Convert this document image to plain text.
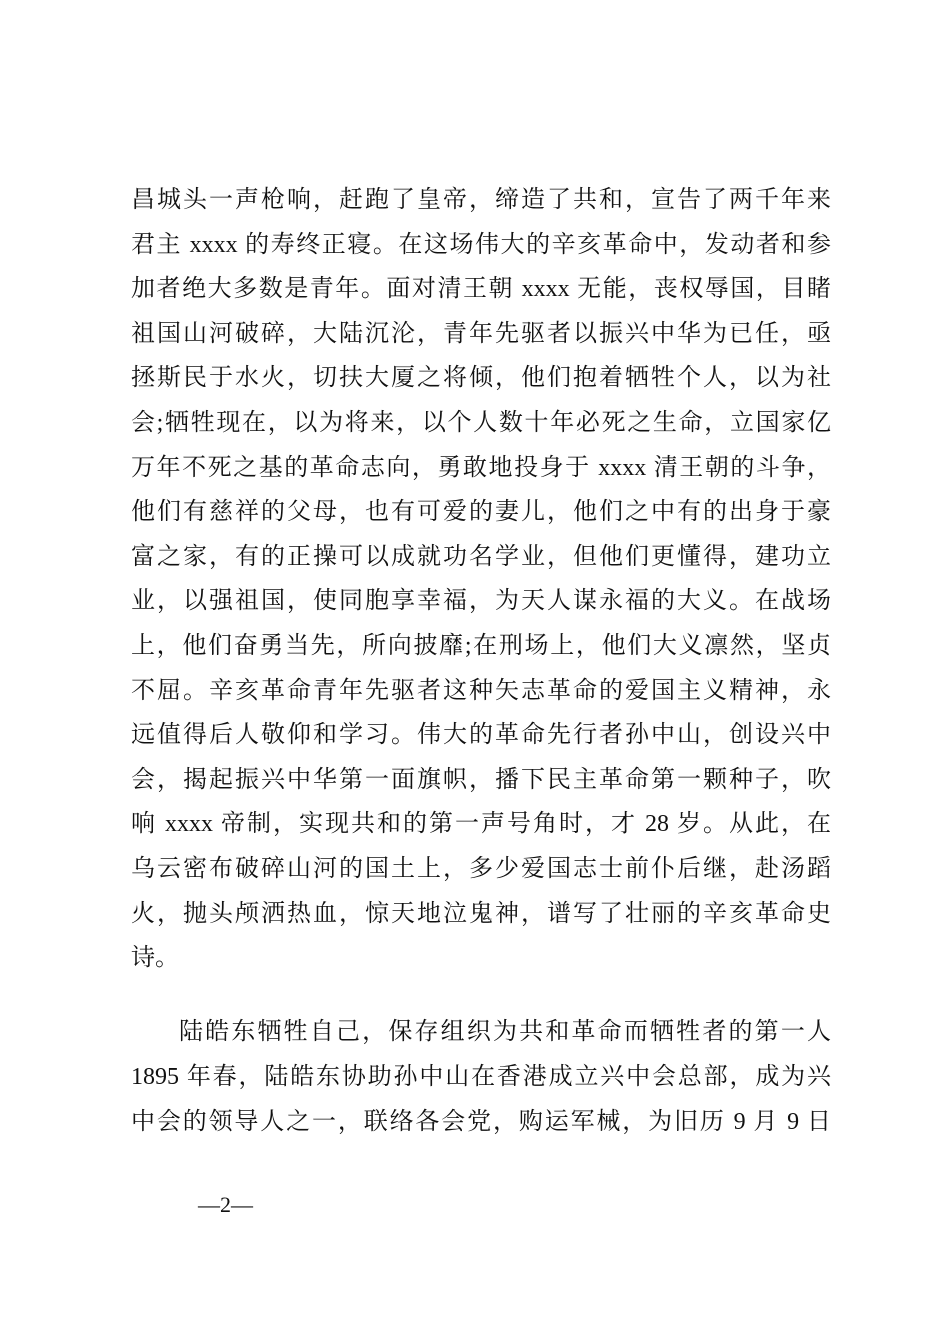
昌城头一声枪响，赶跑了皇帝，缔造了共和，宣告了两千年来
君主 xxxx 的寿终正寝。在这场伟大的辛亥革命中，发动者和参
加者绝大多数是青年。面对清王朝 xxxx 无能，丧权辱国，目睹
祖国山河破碎，大陆沉沦，青年先驱者以振兴中华为已任，亟
拯斯民于水火，切扶大厦之将倾，他们抱着牺牲个人，以为社
会;牺牲现在，以为将来，以个人数十年必死之生命，立国家亿
万年不死之基的革命志向，勇敢地投身于 xxxx 清王朝的斗争，
他们有慈祥的父母，也有可爱的妻儿，他们之中有的出身于豪
富之家，有的正操可以成就功名学业，但他们更懂得，建功立
业，以强祖国，使同胞享幸福，为天人谋永福的大义。在战场
上，他们奋勇当先，所向披靡;在刑场上，他们大义凛然，坚贞
不屈。辛亥革命青年先驱者这种矢志革命的爱国主义精神，永
远值得后人敬仰和学习。伟大的革命先行者孙中山，创设兴中
会，揭起振兴中华第一面旗帜，播下民主革命第一颗种子，吹
响 xxxx 帝制，实现共和的第一声号角时，才 28 岁。从此，在
乌云密布破碎山河的国土上，多少爱国志士前仆后继，赴汤蹈
火，抛头颅洒热血，惊天地泣鬼神，谱写了壮丽的辛亥革命史
诗。
陆皓东牺牲自己，保存组织为共和革命而牺牲者的第一人
1895 年春，陆皓东协助孙中山在香港成立兴中会总部，成为兴
中会的领导人之一，联络各会党，购运军械，为旧历 9 月 9 日
—2—
